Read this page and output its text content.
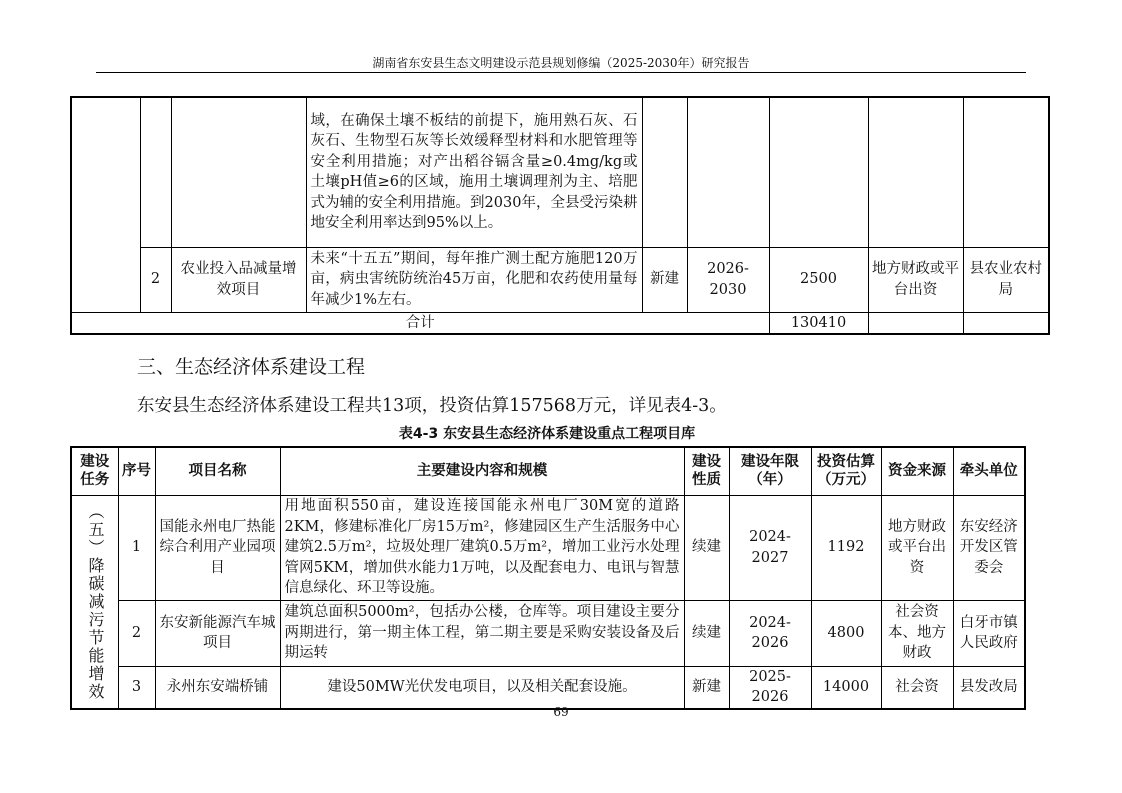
湖南省东安县生态文明建设示范县规划修编（2025-2030年）研究报告
			域，在确保土壤不板结的前提下，施用熟石灰、石灰石、生物型石灰等长效缓释型材料和水肥管理等安全利用措施；对产出稻谷镉含量≥0.4mg/kg或土壤pH值≥6的区域，施用土壤调理剂为主、培肥式为辅的安全利用措施。到2030年，全县受污染耕地安全利用率达到95%以上。					
	2	农业投入品减量增效项目	未来“十五五”期间，每年推广测土配方施肥120万亩，病虫害统防统治45万亩，化肥和农药使用量每年减少1%左右。	新建	2026-2030	2500	地方财政或平台出资	县农业农村局
合计						130410		
三、生态经济体系建设工程
东安县生态经济体系建设工程共13项，投资估算157568万元，详见表4-3。
表4-3 东安县生态经济体系建设重点工程项目库
建设任务	序号	项目名称	主要建设内容和规模	建设性质	建设年限（年）	投资估算（万元）	资金来源	牵头单位

（五）降碳减污节能增效	1	国能永州电厂热能综合利用产业园项目	用地面积550亩，建设连接国能永州电厂30M宽的道路2KM，修建标准化厂房15万m²，修建园区生产生活服务中心建筑2.5万m²，垃圾处理厂建筑0.5万m²，增加工业污水处理管网5KM，增加供水能力1万吨，以及配套电力、电讯与智慧信息绿化、环卫等设施。	续建	2024-2027	1192	地方财政或平台出资	东安经济开发区管委会
	2	东安新能源汽车城项目	建筑总面积5000m²，包括办公楼，仓库等。项目建设主要分两期进行，第一期主体工程，第二期主要是采购安装设备及后期运转	续建	2024-2026	4800	社会资本、地方财政	白牙市镇人民政府
	3	永州东安端桥铺	建设50MW光伏发电项目，以及相关配套设施。	新建	2025-2026	14000	社会资	县发改局
69
